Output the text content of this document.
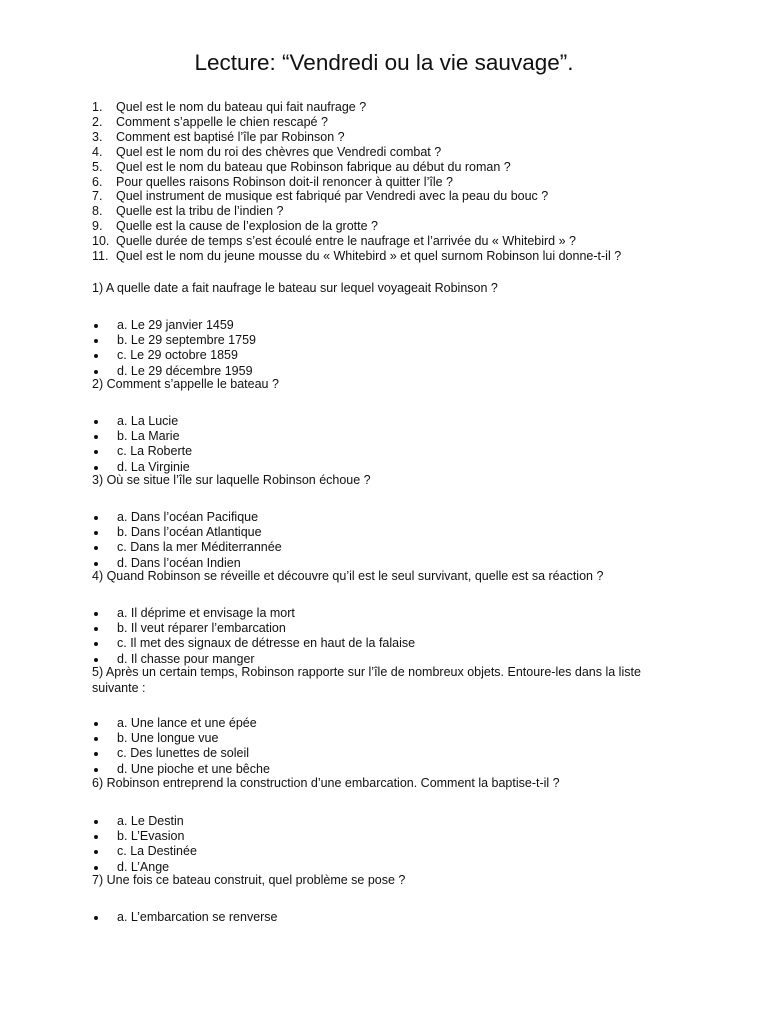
Lecture: “Vendredi ou la vie sauvage”.
1.	Quel est le nom du bateau qui fait naufrage ?
2.	Comment s’appelle le chien rescapé ?
3.	Comment est baptisé l’île par Robinson ?
4.	Quel est le nom du roi des chèvres que Vendredi combat ?
5.	Quel est le nom du bateau que Robinson fabrique au début du roman ?
6.	Pour quelles raisons Robinson doit-il renoncer à quitter l’île ?
7.	Quel instrument de musique est fabriqué par Vendredi avec la peau du bouc ?
8.	Quelle est la tribu de l’indien ?
9.	Quelle est la cause de l’explosion de la grotte ?
10. Quelle durée de temps s’est écoulé entre le naufrage et l’arrivée du « Whitebird » ?
11. Quel est le nom du jeune mousse du « Whitebird » et quel surnom Robinson lui donne-t-il ?

1) A quelle date a fait naufrage le bateau sur lequel voyageait Robinson ?

a. Le 29 janvier 1459
b. Le 29 septembre 1759
c. Le 29 octobre 1859
d. Le 29 décembre 1959

2) Comment s’appelle le bateau ?

a. La Lucie
b. La Marie
c. La Roberte
d. La Virginie

3) Où se situe l’île sur laquelle Robinson échoue ?

a. Dans l’océan Pacifique
b. Dans l’océan Atlantique
c. Dans la mer Méditerrannée
d. Dans l’océan Indien

4) Quand Robinson se réveille et découvre qu’il est le seul survivant, quelle est sa réaction ?

a. Il déprime et envisage la mort
b. Il veut réparer l’embarcation
c. Il met des signaux de détresse en haut de la falaise
d. Il chasse pour manger

5) Après un certain temps, Robinson rapporte sur l’île de nombreux objets. Entoure-les dans la liste suivante :

a. Une lance et une épée
b. Une longue vue
c. Des lunettes de soleil
d. Une pioche et une bêche

6) Robinson entreprend la construction d’une embarcation. Comment la baptise-t-il ?

a. Le Destin
b. L’Evasion
c. La Destinée
d. L’Ange

7) Une fois ce bateau construit, quel problème se pose ?

a. L’embarcation se renverse
